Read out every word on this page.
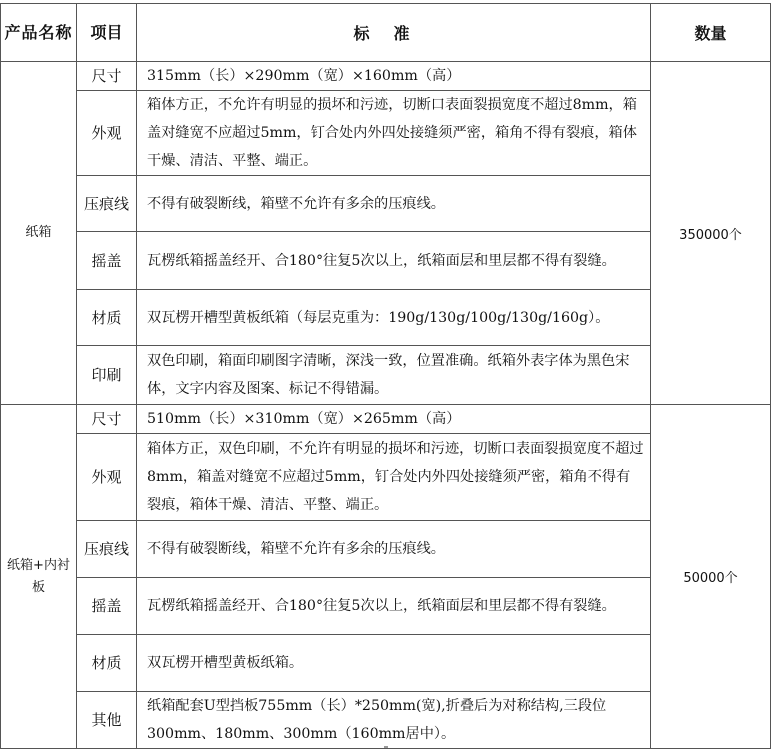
产品名称	项目	标准	数量
纸箱	尺寸	315mm（长）×290mm（宽）×160mm（高）	350000个
	外观	箱体方正，不允许有明显的损坏和污迹，切断口表面裂损宽度不超过8mm，箱盖对缝宽不应超过5mm，钉合处内外四处接缝须严密，箱角不得有裂痕，箱体干燥、清洁、平整、端正。	
	压痕线	不得有破裂断线，箱壁不允许有多余的压痕线。	
	摇盖	瓦楞纸箱摇盖经开、合180°往复5次以上，纸箱面层和里层都不得有裂缝。	
	材质	双瓦楞开槽型黄板纸箱（每层克重为：190g/130g/100g/130g/160g）。	
	印刷	双色印刷，箱面印刷图字清晰，深浅一致，位置准确。纸箱外表字体为黑色宋体，文字内容及图案、标记不得错漏。	
纸箱+内衬板	尺寸	510mm（长）×310mm（宽）×265mm（高）	50000个
	外观	箱体方正，双色印刷，不允许有明显的损坏和污迹，切断口表面裂损宽度不超过8mm，箱盖对缝宽不应超过5mm，钉合处内外四处接缝须严密，箱角不得有裂痕，箱体干燥、清洁、平整、端正。	
	压痕线	不得有破裂断线，箱壁不允许有多余的压痕线。	
	摇盖	瓦楞纸箱摇盖经开、合180°往复5次以上，纸箱面层和里层都不得有裂缝。	
	材质	双瓦楞开槽型黄板纸箱。	
	其他	纸箱配套U型挡板755mm（长）*250mm(宽),折叠后为对称结构,三段位300mm、180mm、300mm（160mm居中）。	
